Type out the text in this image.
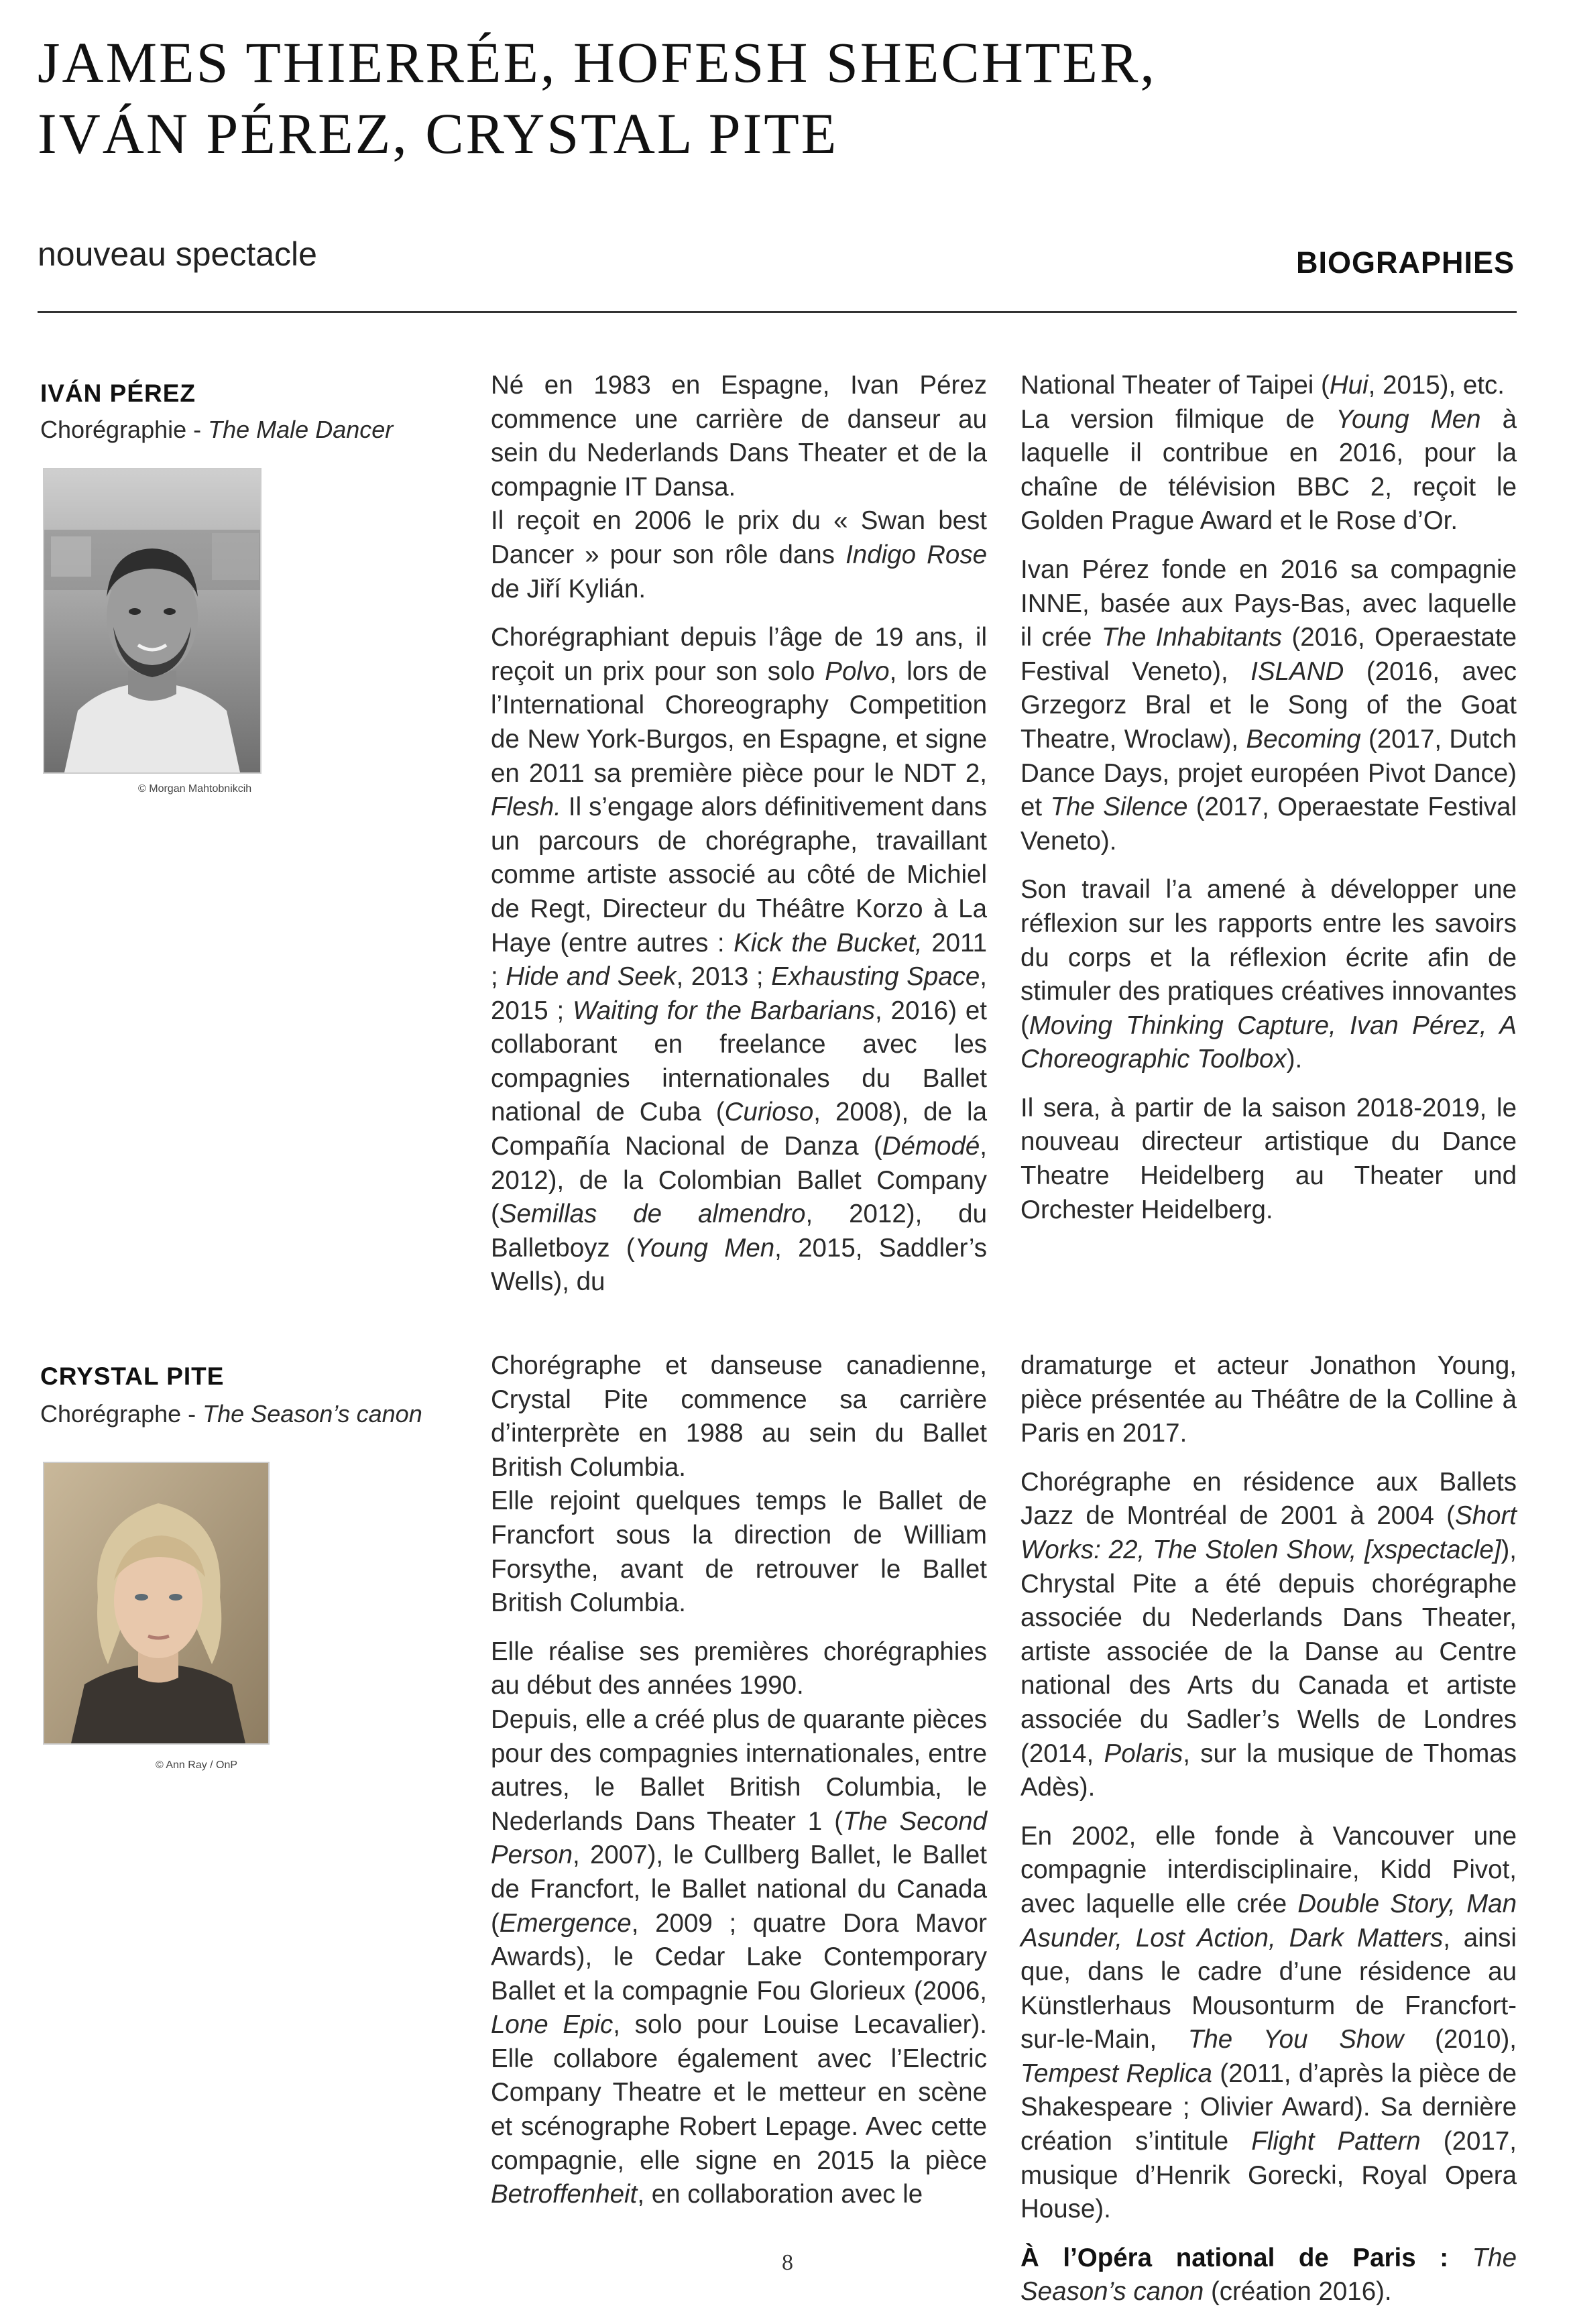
JAMES THIERRÉE, HOFESH SHECHTER,
IVÁN PÉREZ, CRYSTAL PITE
nouveau spectacle	BIOGRAPHIES
IVÁN PÉREZ
Chorégraphie - The Male Dancer
© Morgan Mahtobnikcih

Né en 1983 en Espagne, Ivan Pérez commence une carrière de danseur au sein du Nederlands Dans Theater et de la compagnie IT Dansa.
Il reçoit en 2006 le prix du « Swan best Dancer » pour son rôle dans Indigo Rose de Jiří Kylián.

Chorégraphiant depuis l’âge de 19 ans, il reçoit un prix pour son solo Polvo, lors de l’International Choreography Competition de New York-Burgos, en Espagne, et signe en 2011 sa première pièce pour le NDT 2, Flesh. Il s’engage alors définitivement dans un parcours de chorégraphe, travaillant comme artiste associé au côté de Michiel de Regt, Directeur du Théâtre Korzo à La Haye (entre autres : Kick the Bucket, 2011 ; Hide and Seek, 2013 ; Exhausting Space, 2015 ; Waiting for the Barbarians, 2016) et collaborant en freelance avec les compagnies internationales du Ballet national de Cuba (Curioso, 2008), de la Compañía Nacional de Danza (Démodé, 2012), de la Colombian Ballet Company (Semillas de almendro, 2012), du Balletboyz (Young Men, 2015, Saddler’s Wells), du

National Theater of Taipei (Hui, 2015), etc.
La version filmique de Young Men à laquelle il contribue en 2016, pour la chaîne de télévision BBC 2, reçoit le Golden Prague Award et le Rose d’Or.

Ivan Pérez fonde en 2016 sa compagnie INNE, basée aux Pays-Bas, avec laquelle il crée The Inhabitants (2016, Operaestate Festival Veneto), ISLAND (2016, avec Grzegorz Bral et le Song of the Goat Theatre, Wroclaw), Becoming (2017, Dutch Dance Days, projet européen Pivot Dance) et The Silence (2017, Operaestate Festival Veneto).

Son travail l’a amené à développer une réflexion sur les rapports entre les savoirs du corps et la réflexion écrite afin de stimuler des pratiques créatives innovantes (Moving Thinking Capture, Ivan Pérez, A Choreographic Toolbox).

Il sera, à partir de la saison 2018-2019, le nouveau directeur artistique du Dance Theatre Heidelberg au Theater und Orchester Heidelberg.

CRYSTAL PITE
Chorégraphe - The Season’s canon
© Ann Ray / OnP

Chorégraphe et danseuse canadienne, Crystal Pite commence sa carrière d’interprète en 1988 au sein du Ballet British Columbia.

Elle rejoint quelques temps le Ballet de Francfort sous la direction de William Forsythe, avant de retrouver le Ballet British Columbia.

Elle réalise ses premières chorégraphies au début des années 1990.

Depuis, elle a créé plus de quarante pièces pour des compagnies internationales, entre autres, le Ballet British Columbia, le Nederlands Dans Theater 1 (The Second Person, 2007), le Cullberg Ballet, le Ballet de Francfort, le Ballet national du Canada (Emergence, 2009 ; quatre Dora Mavor Awards), le Cedar Lake Contemporary Ballet et la compagnie Fou Glorieux (2006, Lone Epic, solo pour Louise Lecavalier). Elle collabore également avec l’Electric Company Theatre et le metteur en scène et scénographe Robert Lepage. Avec cette compagnie, elle signe en 2015 la pièce Betroffenheit, en collaboration avec le

dramaturge et acteur Jonathon Young, pièce présentée au Théâtre de la Colline à Paris en 2017.

Chorégraphe en résidence aux Ballets Jazz de Montréal de 2001 à 2004 (Short Works: 22, The Stolen Show, [xspectacle]), Chrystal Pite a été depuis chorégraphe associée du Nederlands Dans Theater, artiste associée de la Danse au Centre national des Arts du Canada et artiste associée du Sadler’s Wells de Londres (2014, Polaris, sur la musique de Thomas Adès).

En 2002, elle fonde à Vancouver une compagnie interdisciplinaire, Kidd Pivot, avec laquelle elle crée Double Story, Man Asunder, Lost Action, Dark Matters, ainsi que, dans le cadre d’une résidence au Künstlerhaus Mousonturm de Francfort-sur-le-Main, The You Show (2010), Tempest Replica (2011, d’après la pièce de Shakespeare ; Olivier Award). Sa dernière création s’intitule Flight Pattern (2017, musique d’Henrik Gorecki, Royal Opera House).

À l’Opéra national de Paris : The Season’s canon (création 2016).

8
